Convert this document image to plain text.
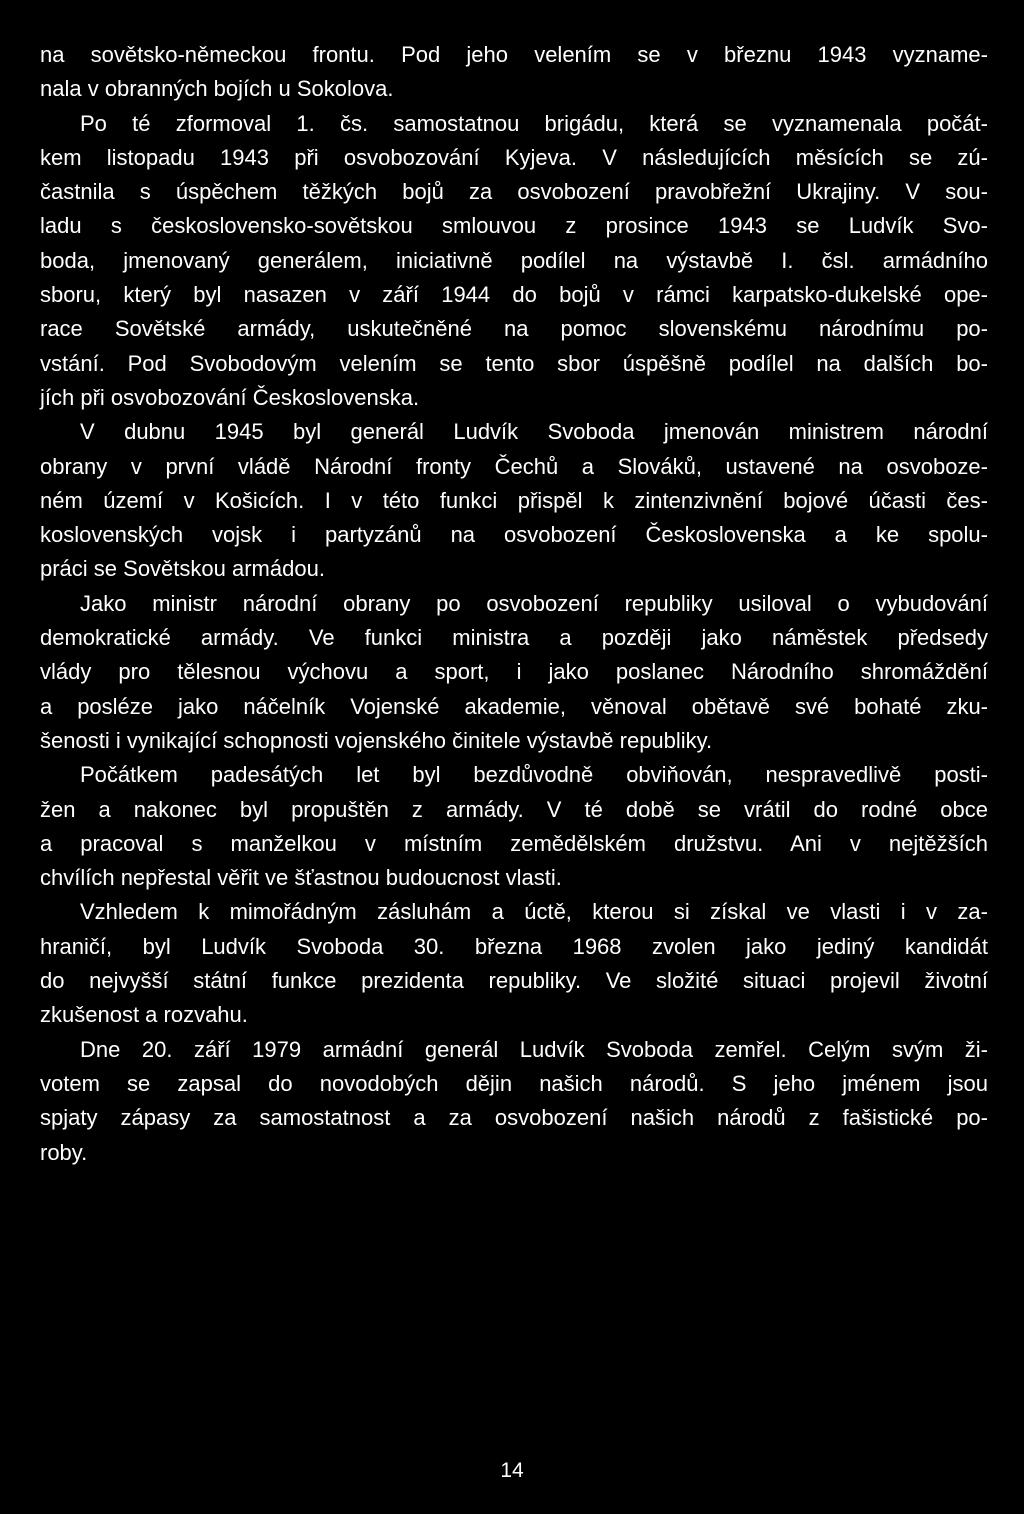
na sovětsko-německou frontu. Pod jeho velením se v březnu 1943 vyzname-
nala v obranných bojích u Sokolova.
Po té zformoval 1. čs. samostatnou brigádu, která se vyznamenala počát-
kem listopadu 1943 při osvobozování Kyjeva. V následujících měsících se zú-
častnila s úspěchem těžkých bojů za osvobození pravobřežní Ukrajiny. V sou-
ladu s československo-sovětskou smlouvou z prosince 1943 se Ludvík Svo-
boda, jmenovaný generálem, iniciativně podílel na výstavbě I. čsl. armádního
sboru, který byl nasazen v září 1944 do bojů v rámci karpatsko-dukelské ope-
race Sovětské armády, uskutečněné na pomoc slovenskému národnímu po-
vstání. Pod Svobodovým velením se tento sbor úspěšně podílel na dalších bo-
jích při osvobozování Československa.
V dubnu 1945 byl generál Ludvík Svoboda jmenován ministrem národní
obrany v první vládě Národní fronty Čechů a Slováků, ustavené na osvoboze-
ném území v Košicích. I v této funkci přispěl k zintenzivnění bojové účasti čes-
koslovenských vojsk i partyzánů na osvobození Československa a ke spolu-
práci se Sovětskou armádou.
Jako ministr národní obrany po osvobození republiky usiloval o vybudování
demokratické armády. Ve funkci ministra a později jako náměstek předsedy
vlády pro tělesnou výchovu a sport, i jako poslanec Národního shromáždění
a posléze jako náčelník Vojenské akademie, věnoval obětavě své bohaté zku-
šenosti i vynikající schopnosti vojenského činitele výstavbě republiky.
Počátkem padesátých let byl bezdůvodně obviňován, nespravedlivě posti-
žen a nakonec byl propuštěn z armády. V té době se vrátil do rodné obce
a pracoval s manželkou v místním zemědělském družstvu. Ani v nejtěžších
chvílích nepřestal věřit ve šťastnou budoucnost vlasti.
Vzhledem k mimořádným zásluhám a úctě, kterou si získal ve vlasti i v za-
hraničí, byl Ludvík Svoboda 30. března 1968 zvolen jako jediný kandidát
do nejvyšší státní funkce prezidenta republiky. Ve složité situaci projevil životní
zkušenost a rozvahu.
Dne 20. září 1979 armádní generál Ludvík Svoboda zemřel. Celým svým ži-
votem se zapsal do novodobých dějin našich národů. S jeho jménem jsou
spjaty zápasy za samostatnost a za osvobození našich národů z fašistické po-
roby.
14
